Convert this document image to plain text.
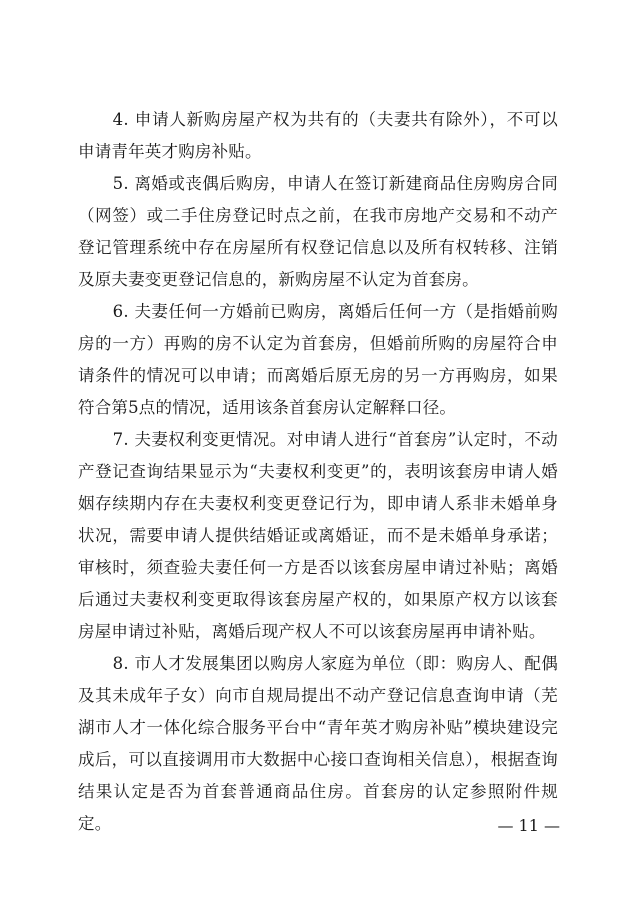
4. 申请人新购房屋产权为共有的（夫妻共有除外），不可以申请青年英才购房补贴。

5. 离婚或丧偶后购房，申请人在签订新建商品住房购房合同（网签）或二手住房登记时点之前，在我市房地产交易和不动产登记管理系统中存在房屋所有权登记信息以及所有权转移、注销及原夫妻变更登记信息的，新购房屋不认定为首套房。

6. 夫妻任何一方婚前已购房，离婚后任何一方（是指婚前购房的一方）再购的房不认定为首套房，但婚前所购的房屋符合申请条件的情况可以申请；而离婚后原无房的另一方再购房，如果符合第5点的情况，适用该条首套房认定解释口径。

7. 夫妻权利变更情况。对申请人进行“首套房”认定时，不动产登记查询结果显示为“夫妻权利变更”的，表明该套房申请人婚姻存续期内存在夫妻权利变更登记行为，即申请人系非未婚单身状况，需要申请人提供结婚证或离婚证，而不是未婚单身承诺；审核时，须查验夫妻任何一方是否以该套房屋申请过补贴；离婚后通过夫妻权利变更取得该套房屋产权的，如果原产权方以该套房屋申请过补贴，离婚后现产权人不可以该套房屋再申请补贴。

8. 市人才发展集团以购房人家庭为单位（即：购房人、配偶及其未成年子女）向市自规局提出不动产登记信息查询申请（芜湖市人才一体化综合服务平台中“青年英才购房补贴”模块建设完成后，可以直接调用市大数据中心接口查询相关信息），根据查询结果认定是否为首套普通商品住房。首套房的认定参照附件规定。	— 11 —
